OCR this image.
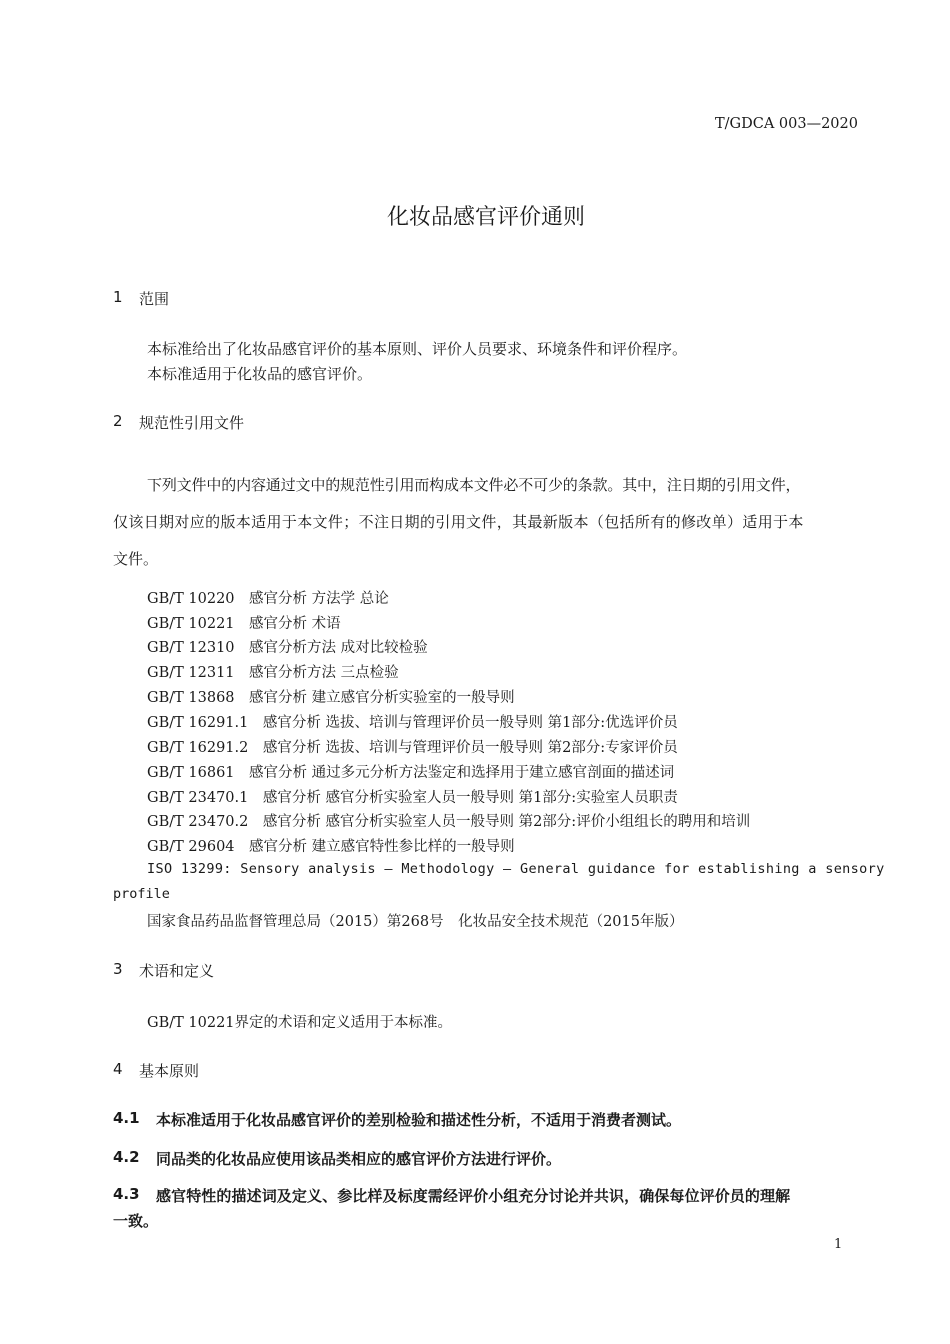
T/GDCA 003—2020
化妆品感官评价通则
1 范围
本标准给出了化妆品感官评价的基本原则、评价人员要求、环境条件和评价程序。
本标准适用于化妆品的感官评价。
2 规范性引用文件
下列文件中的内容通过文中的规范性引用而构成本文件必不可少的条款。其中，注日期的引用文件，
仅该日期对应的版本适用于本文件；不注日期的引用文件，其最新版本（包括所有的修改单）适用于本
文件。
GB/T 10220　感官分析 方法学 总论
GB/T 10221　感官分析 术语
GB/T 12310　感官分析方法 成对比较检验
GB/T 12311　感官分析方法 三点检验
GB/T 13868　感官分析 建立感官分析实验室的一般导则
GB/T 16291.1　感官分析 选拔、培训与管理评价员一般导则 第1部分:优选评价员
GB/T 16291.2　感官分析 选拔、培训与管理评价员一般导则 第2部分:专家评价员
GB/T 16861　感官分析 通过多元分析方法鉴定和选择用于建立感官剖面的描述词
GB/T 23470.1　感官分析 感官分析实验室人员一般导则 第1部分:实验室人员职责
GB/T 23470.2　感官分析 感官分析实验室人员一般导则 第2部分:评价小组组长的聘用和培训
GB/T 29604　感官分析 建立感官特性参比样的一般导则
ISO 13299: Sensory analysis – Methodology – General guidance for establishing a sensory
profile
国家食品药品监督管理总局（2015）第268号　化妆品安全技术规范（2015年版）
3 术语和定义
GB/T 10221界定的术语和定义适用于本标准。
4 基本原则
4.1 本标准适用于化妆品感官评价的差别检验和描述性分析，不适用于消费者测试。
4.2 同品类的化妆品应使用该品类相应的感官评价方法进行评价。
4.3 感官特性的描述词及定义、参比样及标度需经评价小组充分讨论并共识，确保每位评价员的理解
一致。
1
